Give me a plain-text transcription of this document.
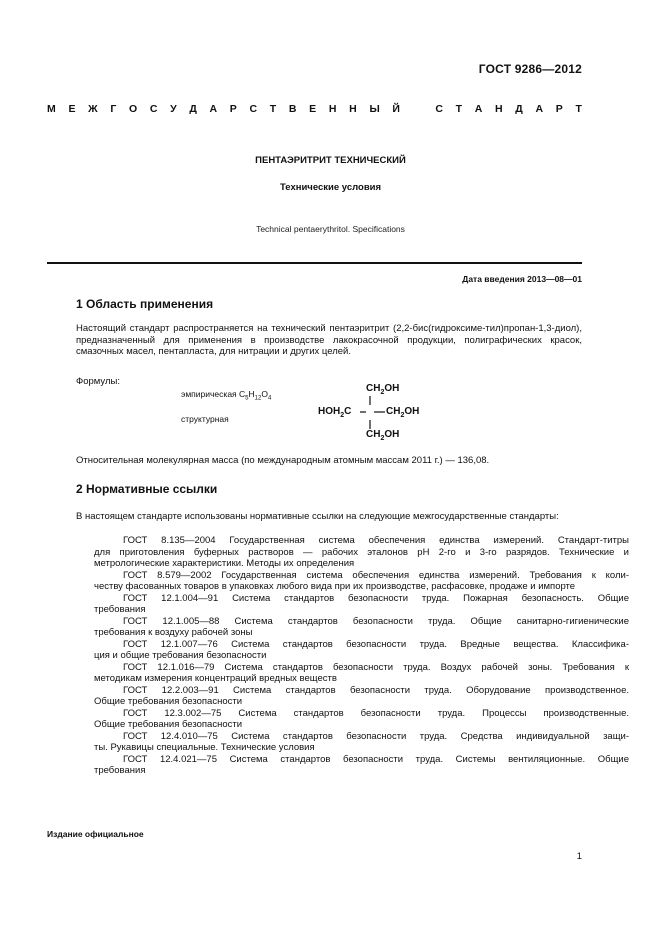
ГОСТ 9286—2012
М Е Ж Г О С У Д А Р С Т В Е Н Н Ы Й	С Т А Н Д А Р Т
ПЕНТАЭРИТРИТ ТЕХНИЧЕСКИЙ
Технические условия
Technical pentaerythritol. Specifications
Дата введения 2013—08—01
1 Область применения
Настоящий стандарт распространяется на технический пентаэритрит (2,2-бис(гидроксиме-тил)пропан-1,3-диол), предназначенный для применения в производстве лакокрасочной продукции, полиграфических красок, смазочных масел, пентапласта, для нитрации и других целей.
Формулы:
эмпирическая $C_5H_{12}O_4$
структурная
$CH_2OH$
$HOH_2C$	$CH_2OH$
$CH_2OH$
Относительная молекулярная масса (по международным атомным массам 2011 г.) — 136,08.
2 Нормативные ссылки
В настоящем стандарте использованы нормативные ссылки на следующие межгосударственные стандарты:
ГОСТ 8.135—2004 Государственная система обеспечения единства измерений. Стандарт-титры
для приготовления буферных растворов — рабочих эталонов pH 2-го и 3-го разрядов. Технические и
метрологические характеристики. Методы их определения
ГОСТ 8.579—2002 Государственная система обеспечения единства измерений. Требования к коли-
честву фасованных товаров в упаковках любого вида при их производстве, расфасовке, продаже и импорте
ГОСТ 12.1.004—91 Система стандартов безопасности труда. Пожарная безопасность. Общие
требования
ГОСТ 12.1.005—88 Система стандартов безопасности труда. Общие санитарно-гигиенические
требования к воздуху рабочей зоны
ГОСТ 12.1.007—76 Система стандартов безопасности труда. Вредные вещества. Классифика-
ция и общие требования безопасности
ГОСТ 12.1.016—79 Система стандартов безопасности труда. Воздух рабочей зоны. Требования к
методикам измерения концентраций вредных веществ
ГОСТ 12.2.003—91 Система стандартов безопасности труда. Оборудование производственное.
Общие требования безопасности
ГОСТ 12.3.002—75 Система стандартов безопасности труда. Процессы производственные.
Общие требования безопасности
ГОСТ 12.4.010—75 Система стандартов безопасности труда. Средства индивидуальной защи-
ты. Рукавицы специальные. Технические условия
ГОСТ 12.4.021—75 Система стандартов безопасности труда. Системы вентиляционные. Общие
требования
Издание официальное
1
